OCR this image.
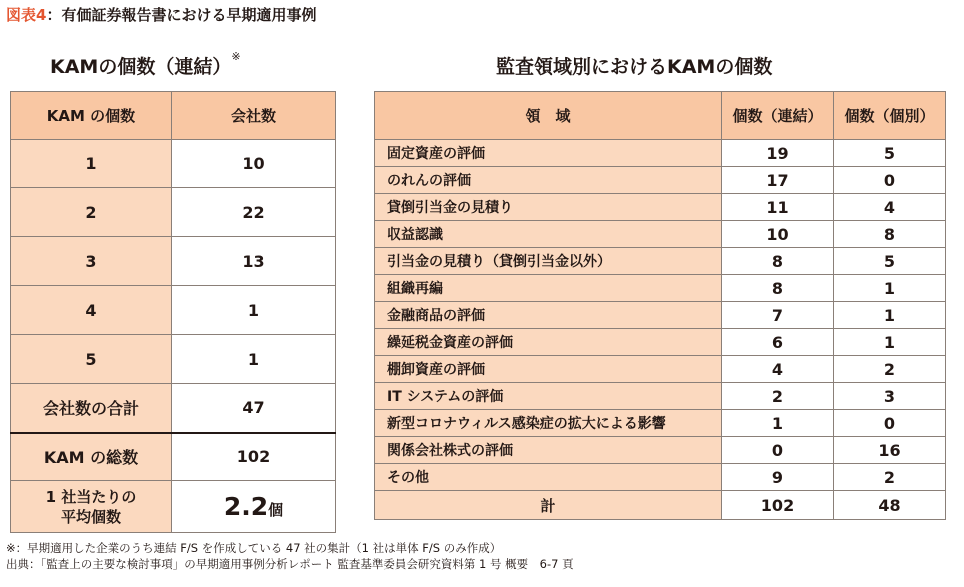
図表4：有価証券報告書における早期適用事例
KAMの個数（連結）※	監査領域別におけるKAMの個数
KAM の個数	会社数
1	10
2	22
3	13
4	1
5	1
会社数の合計	47
KAM の総数	102

1 社当たりの
平均個数	2.2個
領　域	個数（連結）	個数（個別）
固定資産の評価	19	5
のれんの評価	17	0
貸倒引当金の見積り	11	4
収益認識	10	8
引当金の見積り（貸倒引当金以外）	8	5
組織再編	8	1
金融商品の評価	7	1
繰延税金資産の評価	6	1
棚卸資産の評価	4	2
IT システムの評価	2	3
新型コロナウィルス感染症の拡大による影響	1	0
関係会社株式の評価	0	16
その他	9	2
計	102	48
※：早期適用した企業のうち連結 F/S を作成している 47 社の集計（1 社は単体 F/S のみ作成）
出典：「監査上の主要な検討事項」の早期適用事例分析レポート 監査基準委員会研究資料第 1 号 概要　6-7 頁
